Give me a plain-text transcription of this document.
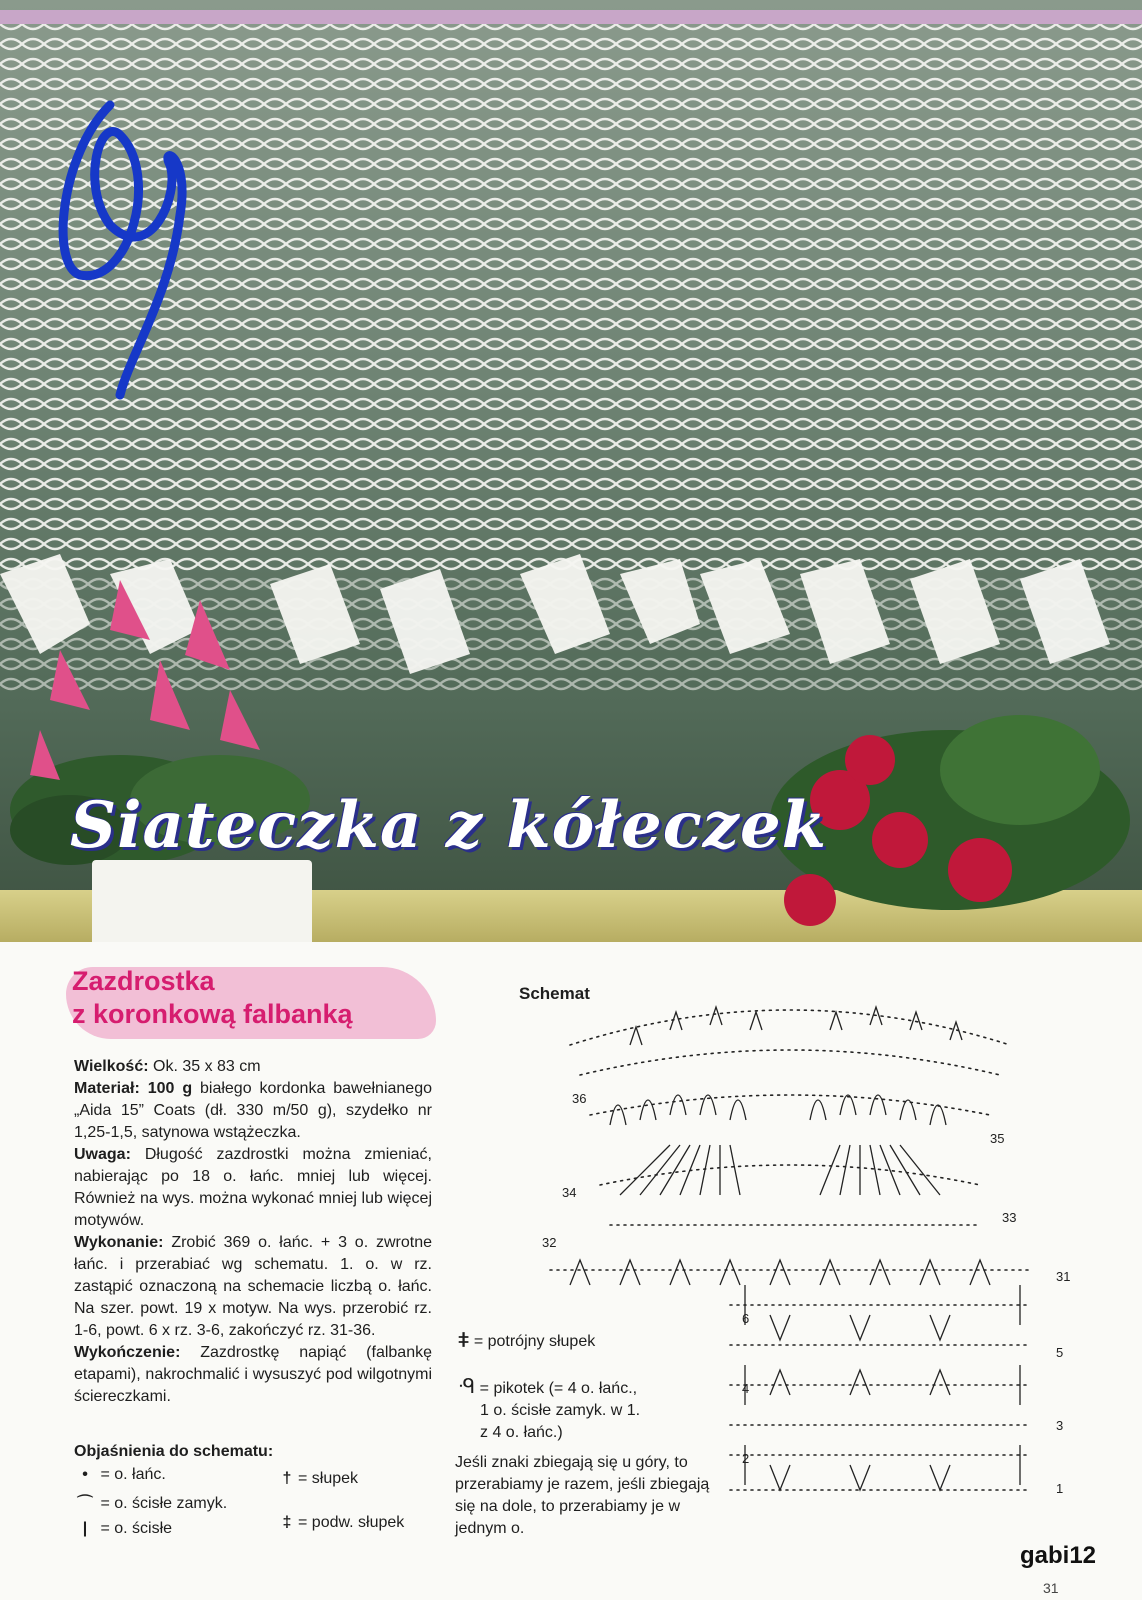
Siateczka z kółeczek
Zazdrostka
z koronkową falbanką

Wielkość: Ok. 35 x 83 cm

Materiał: 100 g białego kordonka bawełnianego „Aida 15” Coats (dł. 330 m/50 g), szydełko nr 1,25-1,5, satynowa wstążeczka.

Uwaga: Długość zazdrostki można zmieniać, nabierając po 18 o. łańc. mniej lub więcej. Również na wys. można wykonać mniej lub więcej motywów.

Wykonanie: Zrobić 369 o. łańc. + 3 o. zwrotne łańc. i przerabiać wg schematu. 1. o. w rz. zastąpić oznaczoną na schemacie liczbą o. łańc. Na szer. powt. 19 x motyw. Na wys. przerobić rz. 1-6, powt. 6 x rz. 3-6, zakończyć rz. 31-36.

Wykończenie: Zazdrostkę napiąć (falbankę etapami), nakrochmalić i wysuszyć pod wilgotnymi ściereczkami.

Objaśnienia do schematu:
• = o. łańc.
⌒ = o. ścisłe zamyk.
| = o. ścisłe
† = słupek
‡ = podw. słupek
⧧ = potrójny słupek
ᑴ = pikotek (= 4 o. łańc.,
1 o. ścisłe zamyk. w 1.
z 4 o. łańc.)
Jeśli znaki zbiegają się u góry, to przerabiamy je razem, jeśli zbiegają się na dole, to przerabiamy je w jednym o.
Schemat
36
34
32
6
4
2
35
33
31
5
3
1
gabi12
31
